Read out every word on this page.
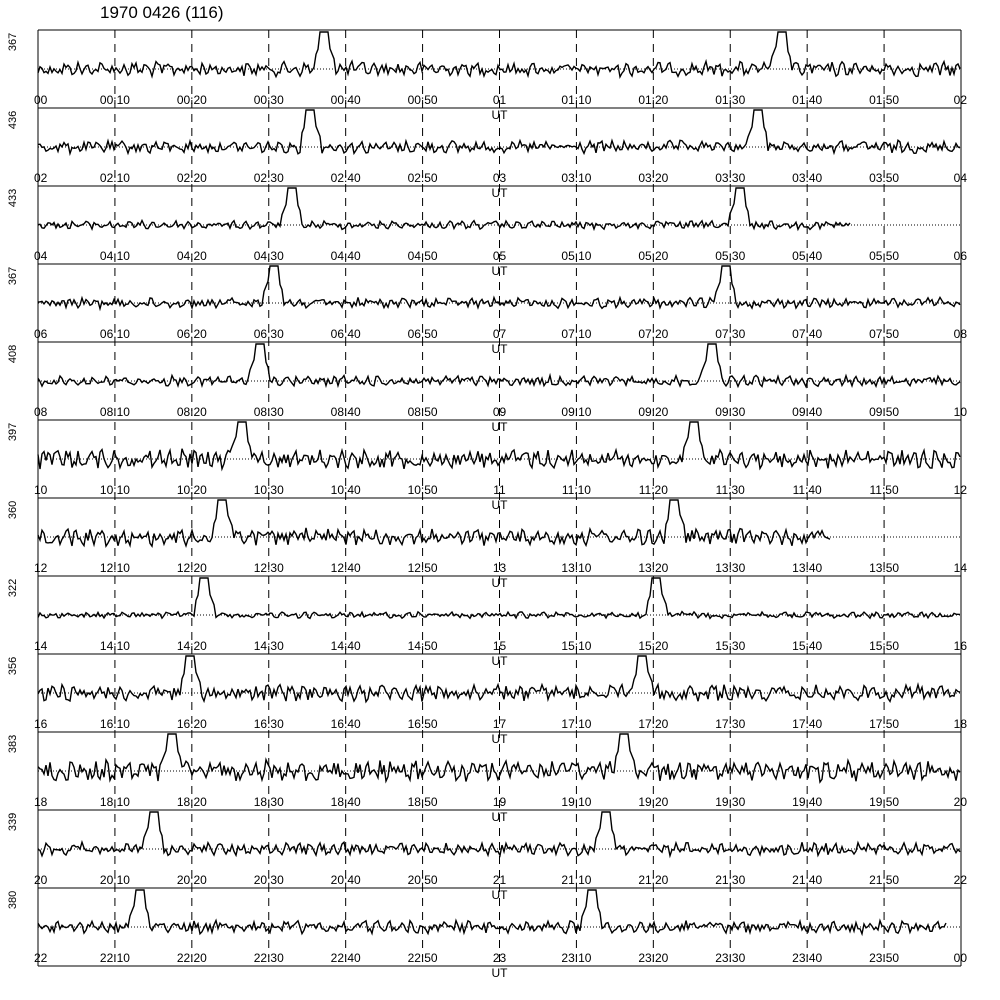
1970 0426 (116)
367
00	00:10	00:20	00:30	00:40	00:50	01	01:10	01:20	01:30	01:40	01:50	02
UT
436
02	02:10	02:20	02:30	02:40	02:50	03	03:10	03:20	03:30	03:40	03:50	04
UT
433
04	04:10	04:20	04:30	04:40	04:50	05	05:10	05:20	05:30	05:40	05:50	06
UT
367
06	06:10	06:20	06:30	06:40	06:50	07	07:10	07:20	07:30	07:40	07:50	08
UT
408
08	08:10	08:20	08:30	08:40	08:50	09	09:10	09:20	09:30	09:40	09:50	10
UT
397
10	10:10	10:20	10:30	10:40	10:50	11	11:10	11:20	11:30	11:40	11:50	12
UT
360
12	12:10	12:20	12:30	12:40	12:50	13	13:10	13:20	13:30	13:40	13:50	14
UT
322
14	14:10	14:20	14:30	14:40	14:50	15	15:10	15:20	15:30	15:40	15:50	16
UT
356
16	16:10	16:20	16:30	16:40	16:50	17	17:10	17:20	17:30	17:40	17:50	18
UT
383
18	18:10	18:20	18:30	18:40	18:50	19	19:10	19:20	19:30	19:40	19:50	20
UT
339
20	20:10	20:20	20:30	20:40	20:50	21	21:10	21:20	21:30	21:40	21:50	22
UT
380
22	22:10	22:20	22:30	22:40	22:50	23	23:10	23:20	23:30	23:40	23:50	00
UT
